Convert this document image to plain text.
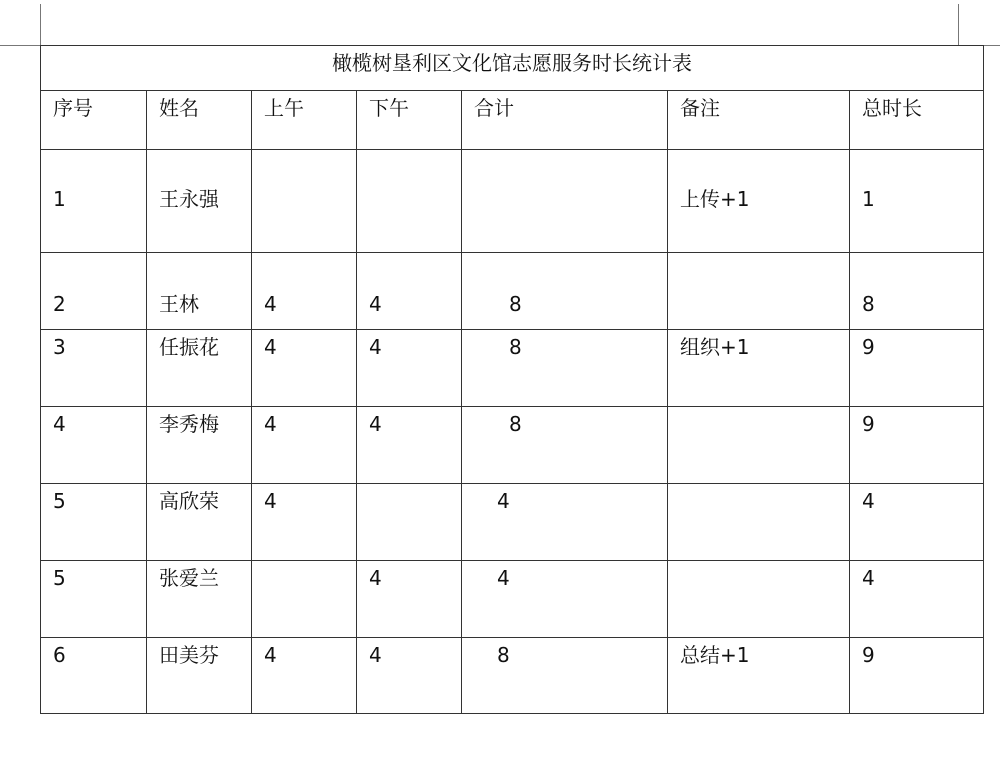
橄榄树垦利区文化馆志愿服务时长统计表						
序号	姓名	上午	下午	合计	备注	总时长
1	王永强				上传+1	1
2	王林	4	4	8		8
3	任振花	4	4	8	组织+1	9
4	李秀梅	4	4	8		9
5	高欣荣	4		4		4
5	张爱兰		4	4		4
6	田美芬	4	4	8	总结+1	9
